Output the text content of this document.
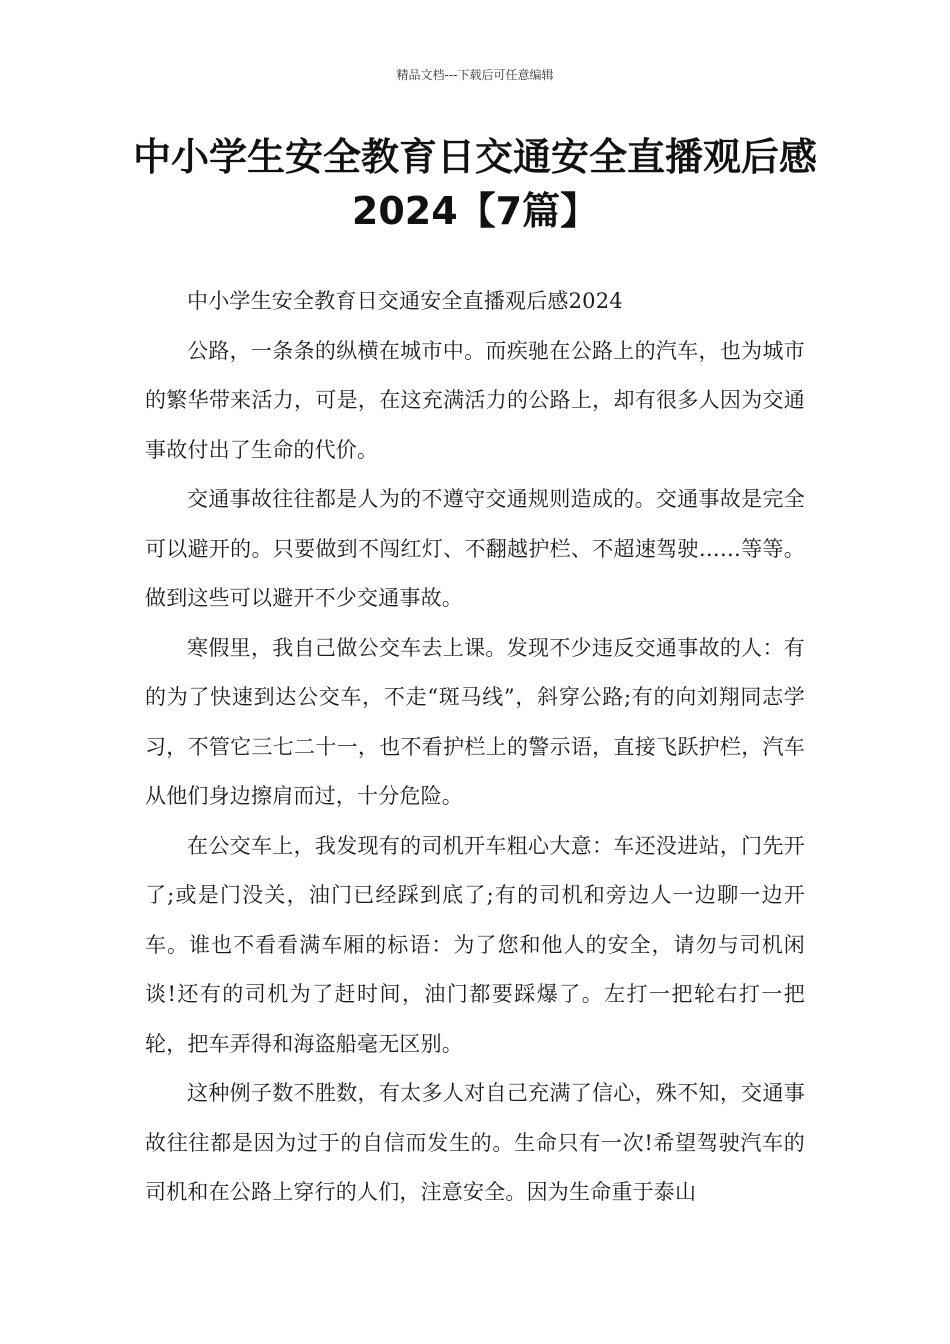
精品文档---下载后可任意编辑
中小学生安全教育日交通安全直播观后感2024【7篇】

中小学生安全教育日交通安全直播观后感2024

公路，一条条的纵横在城市中。而疾驰在公路上的汽车，也为城市的繁华带来活力，可是，在这充满活力的公路上，却有很多人因为交通事故付出了生命的代价。

交通事故往往都是人为的不遵守交通规则造成的。交通事故是完全可以避开的。只要做到不闯红灯、不翻越护栏、不超速驾驶……等等。做到这些可以避开不少交通事故。

寒假里，我自己做公交车去上课。发现不少违反交通事故的人：有的为了快速到达公交车，不走“斑马线”，斜穿公路;有的向刘翔同志学习，不管它三七二十一，也不看护栏上的警示语，直接飞跃护栏，汽车从他们身边擦肩而过，十分危险。

在公交车上，我发现有的司机开车粗心大意：车还没进站，门先开了;或是门没关，油门已经踩到底了;有的司机和旁边人一边聊一边开车。谁也不看看满车厢的标语：为了您和他人的安全，请勿与司机闲谈!还有的司机为了赶时间，油门都要踩爆了。左打一把轮右打一把轮，把车弄得和海盗船毫无区别。

这种例子数不胜数，有太多人对自己充满了信心，殊不知，交通事故往往都是因为过于的自信而发生的。生命只有一次!希望驾驶汽车的司机和在公路上穿行的人们，注意安全。因为生命重于泰山
